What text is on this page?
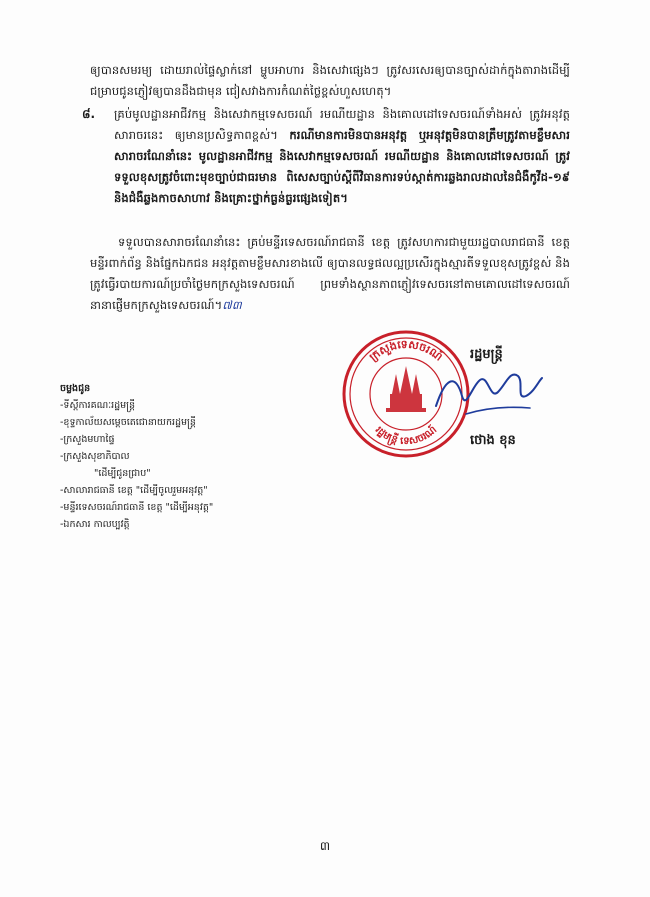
ឲ្យបានសមរម្យ ដោយរាល់ផ្ទៃស្លាក់នៅ ម្ហូបអាហារ និងសេវាផ្សេងៗ ត្រូវសរសេរឲ្យបានច្បាស់ដាក់ក្នុងតារាងដើម្បីជម្រាបជូនភ្ញៀវឲ្យបានដឹងជាមុន ជៀសវាងការកំណត់ថ្លៃខ្ពស់ហួសហេតុ។
៨. គ្រប់មូលដ្ឋានអាជីវកម្ម និងសេវាកម្មទេសចរណ៍ រមណីយដ្ឋាន និងគោលដៅទេសចរណ៍ទាំងអស់ ត្រូវអនុវត្តសារាចរនេះ ឲ្យមានប្រសិទ្ធភាពខ្ពស់។ ករណីមានការមិនបានអនុវត្ត ឬអនុវត្តមិនបានត្រឹមត្រូវតាមខ្លឹមសារសារាចរណែនាំនេះ មូលដ្ឋានអាជីវកម្ម និងសេវាកម្មទេសចរណ៍ រមណីយដ្ឋាន និងគោលដៅទេសចរណ៍ ត្រូវទទួលខុសត្រូវចំពោះមុខច្បាប់ជាធរមាន ពិសេសច្បាប់ស្ដីពីវិធានការទប់ស្កាត់ការឆ្លងរាលដាលនៃជំងឺកូវីដ-១៩ និងជំងឺឆ្លងកាចសាហាវ និងគ្រោះថ្នាក់ធ្ងន់ធ្ងរផ្សេងទៀត។
ទទួលបានសារាចរណែនាំនេះ គ្រប់មន្ទីរទេសចរណ៍រាជធានី ខេត្ត ត្រូវសហការជាមួយរដ្ឋបាលរាជធានី ខេត្ត មន្ទីរពាក់ព័ន្ធ និងផ្នែកឯកជន អនុវត្តតាមខ្លឹមសារខាងលើ ឲ្យបានលទ្ធផលល្អប្រសើរក្នុងស្មារតីទទួលខុសត្រូវខ្ពស់ និងត្រូវធ្វើរបាយការណ៍ប្រចាំថ្ងៃមកក្រសួងទេសចរណ៍ ព្រមទាំងស្ថានភាពភ្ញៀវទេសចរនៅតាមគោលដៅទេសចរណ៍នានាផ្ញើមកក្រសួងទេសចរណ៍។៧៣
ក្រសួងទេសចរណ៍
រដ្ឋមន្ត្រី ទេសចរណ៍
រដ្ឋមន្ត្រី
ថោង ខុន
ចម្លងជូន
-ទីស្ដីការគណៈរដ្ឋមន្ត្រី
-ខុទ្ទកាល័យសម្ដេចតេជោនាយករដ្ឋមន្ត្រី
-ក្រសួងមហាផ្ទៃ
-ក្រសួងសុខាភិបាល
"ដើម្បីជូនជ្រាប"
-សាលារាជធានី ខេត្ត "ដើម្បីចូលរួមអនុវត្ត"
-មន្ទីរទេសចរណ៍រាជធានី ខេត្ត "ដើម្បីអនុវត្ត"
-ឯកសារ កាលប្បវត្តិ
៣
